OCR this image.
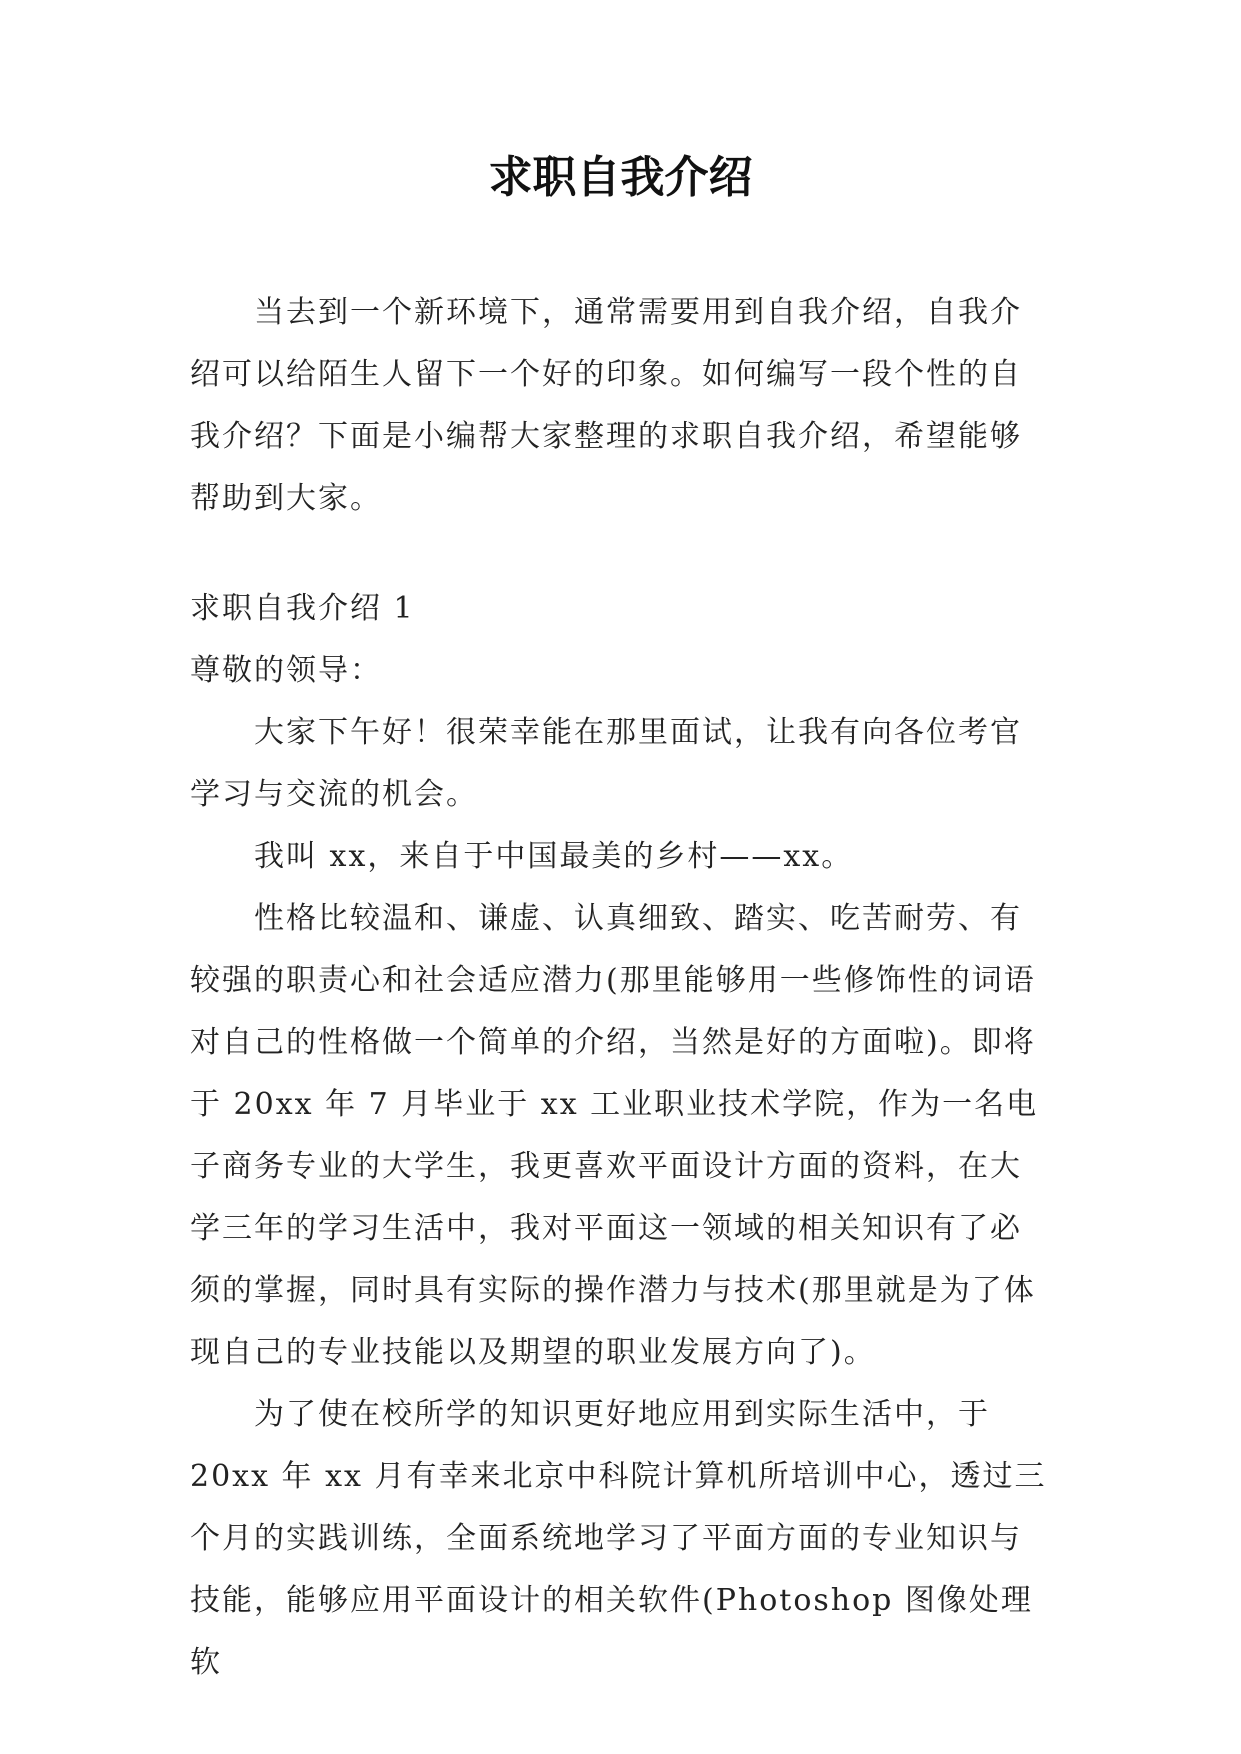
求职自我介绍

当去到一个新环境下，通常需要用到自我介绍，自我介绍可以给陌生人留下一个好的印象。如何编写一段个性的自我介绍？下面是小编帮大家整理的求职自我介绍，希望能够帮助到大家。

求职自我介绍 1

尊敬的领导：

大家下午好！很荣幸能在那里面试，让我有向各位考官学习与交流的机会。

我叫 xx，来自于中国最美的乡村——xx。

性格比较温和、谦虚、认真细致、踏实、吃苦耐劳、有较强的职责心和社会适应潜力(那里能够用一些修饰性的词语对自己的性格做一个简单的介绍，当然是好的方面啦)。即将于 20xx 年 7 月毕业于 xx 工业职业技术学院，作为一名电子商务专业的大学生，我更喜欢平面设计方面的资料，在大学三年的学习生活中，我对平面这一领域的相关知识有了必须的掌握，同时具有实际的操作潜力与技术(那里就是为了体现自己的专业技能以及期望的职业发展方向了)。

为了使在校所学的知识更好地应用到实际生活中，于 20xx 年 xx 月有幸来北京中科院计算机所培训中心，透过三个月的实践训练，全面系统地学习了平面方面的专业知识与技能，能够应用平面设计的相关软件(Photoshop 图像处理软
